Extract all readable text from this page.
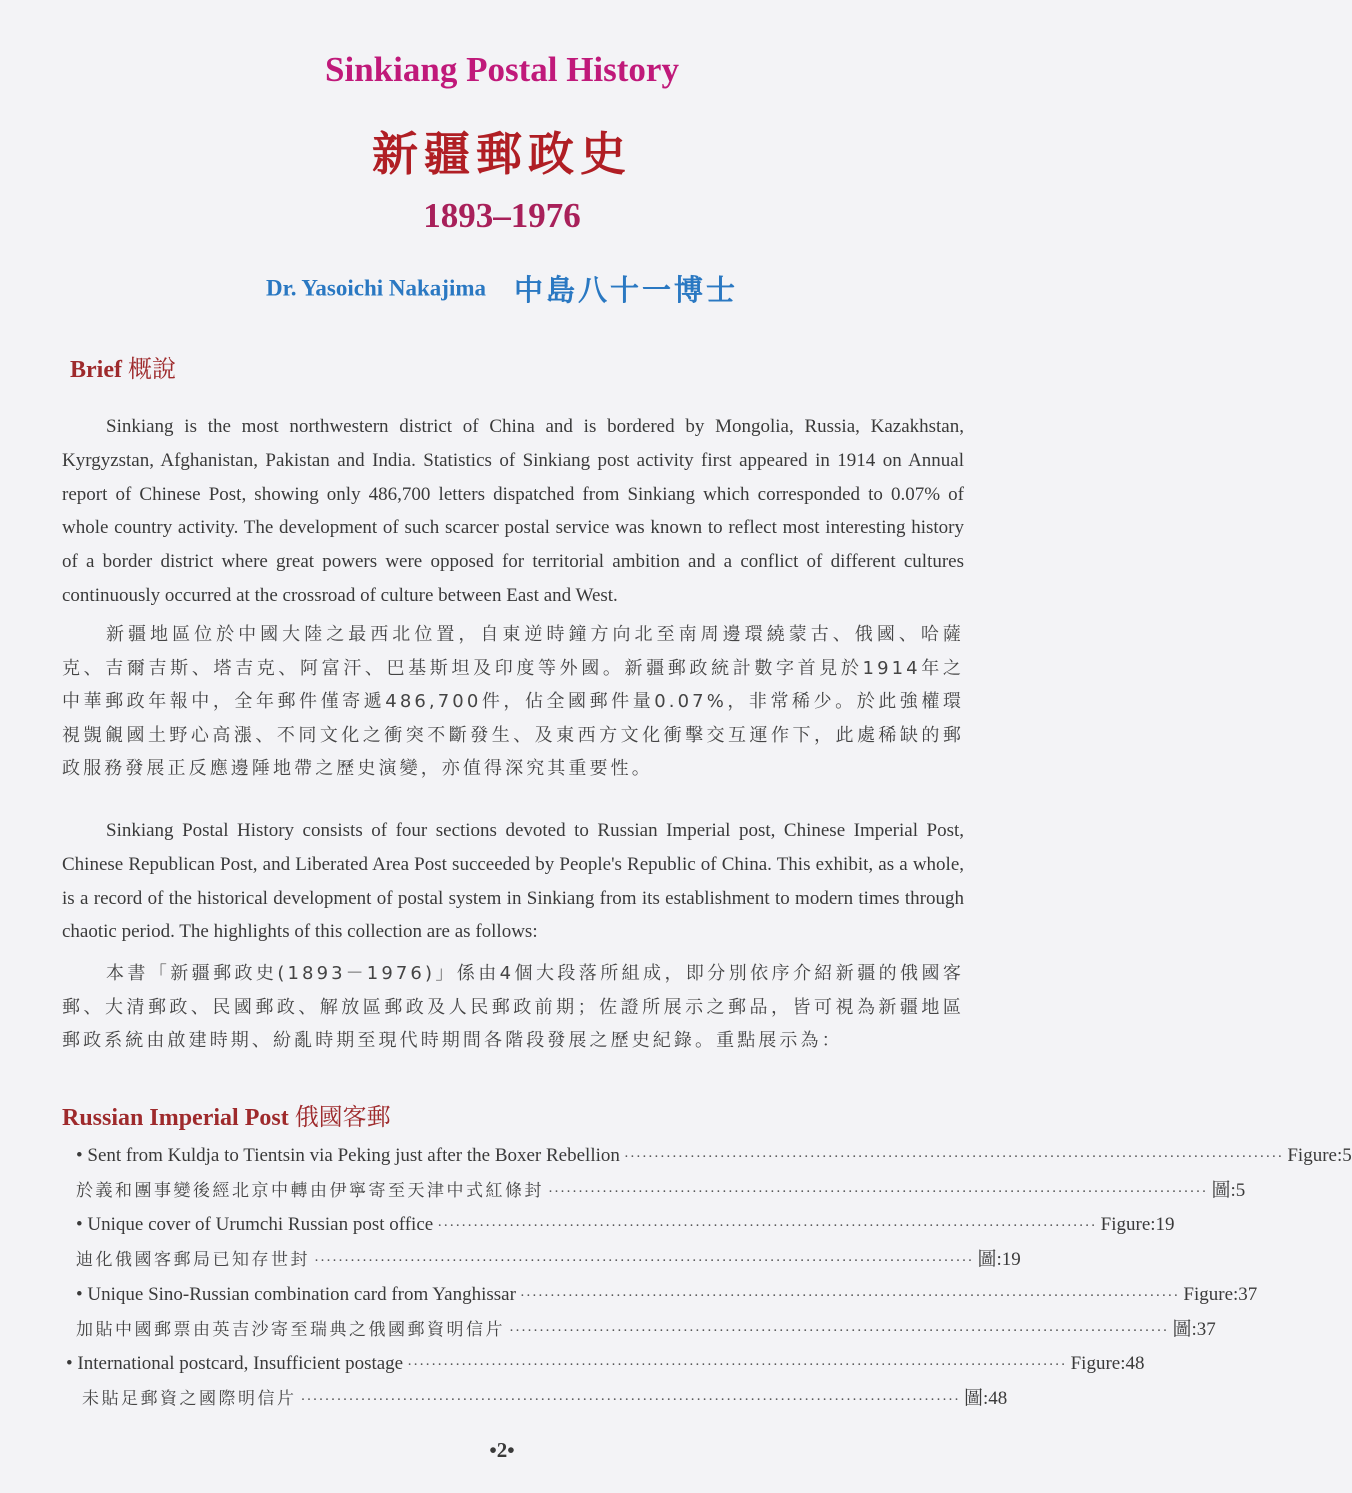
Sinkiang Postal History
新疆郵政史
1893–1976
Dr. Yasoichi Nakajima 中島八十一博士
Brief 概說

Sinkiang is the most northwestern district of China and is bordered by Mongolia, Russia, Kazakhstan, Kyrgyzstan, Afghanistan, Pakistan and India. Statistics of Sinkiang post activity first appeared in 1914 on Annual report of Chinese Post, showing only 486,700 letters dispatched from Sinkiang which corresponded to 0.07% of whole country activity. The development of such scarcer postal service was known to reflect most interesting history of a border district where great powers were opposed for territorial ambition and a conflict of different cultures continuously occurred at the crossroad of culture between East and West.

新疆地區位於中國大陸之最西北位置，自東逆時鐘方向北至南周邊環繞蒙古、俄國、哈薩克、吉爾吉斯、塔吉克、阿富汗、巴基斯坦及印度等外國。新疆郵政統計數字首見於1914年之中華郵政年報中，全年郵件僅寄遞486,700件，佔全國郵件量0.07%，非常稀少。於此強權環視覬覦國土野心高漲、不同文化之衝突不斷發生、及東西方文化衝擊交互運作下，此處稀缺的郵政服務發展正反應邊陲地帶之歷史演變，亦值得深究其重要性。

Sinkiang Postal History consists of four sections devoted to Russian Imperial post, Chinese Imperial Post, Chinese Republican Post, and Liberated Area Post succeeded by People's Republic of China. This exhibit, as a whole, is a record of the historical development of postal system in Sinkiang from its establishment to modern times through chaotic period. The highlights of this collection are as follows:

本書「新疆郵政史(1893－1976)」係由4個大段落所組成，即分別依序介紹新疆的俄國客郵、大清郵政、民國郵政、解放區郵政及人民郵政前期；佐證所展示之郵品，皆可視為新疆地區郵政系統由啟建時期、紛亂時期至現代時期間各階段發展之歷史紀錄。重點展示為：

Russian Imperial Post 俄國客郵
• Sent from Kuldja to Tientsin via Peking just after the Boxer Rebellion ·············································································································· Figure:5
於義和團事變後經北京中轉由伊寧寄至天津中式紅條封 ·············································································································· 圖:5
• Unique cover of Urumchi Russian post office ·············································································································· Figure:19
迪化俄國客郵局已知存世封 ·············································································································· 圖:19
• Unique Sino-Russian combination card from Yanghissar ·············································································································· Figure:37
加貼中國郵票由英吉沙寄至瑞典之俄國郵資明信片 ·············································································································· 圖:37
• International postcard, Insufficient postage ·············································································································· Figure:48
未貼足郵資之國際明信片 ·············································································································· 圖:48
•2•
